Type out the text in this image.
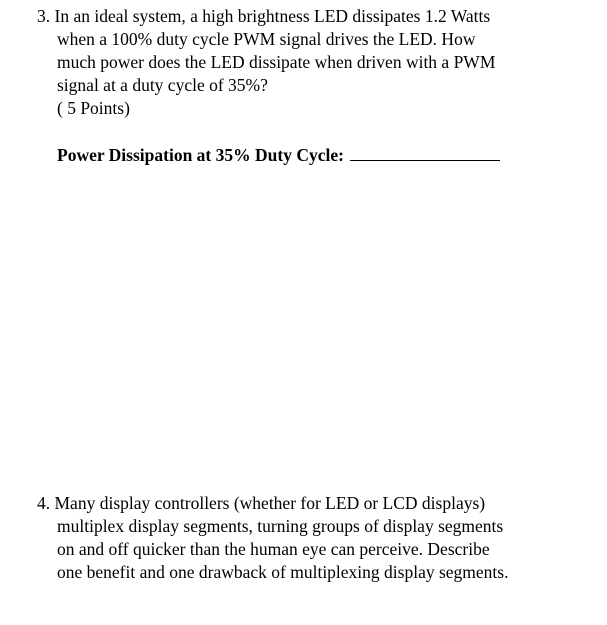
3. In an ideal system, a high brightness LED dissipates 1.2 Watts
when a 100% duty cycle PWM signal drives the LED. How
much power does the LED dissipate when driven with a PWM
signal at a duty cycle of 35%?
( 5 Points)
Power Dissipation at 35% Duty Cycle:
4. Many display controllers (whether for LED or LCD displays)
multiplex display segments, turning groups of display segments
on and off quicker than the human eye can perceive. Describe
one benefit and one drawback of multiplexing display segments.
